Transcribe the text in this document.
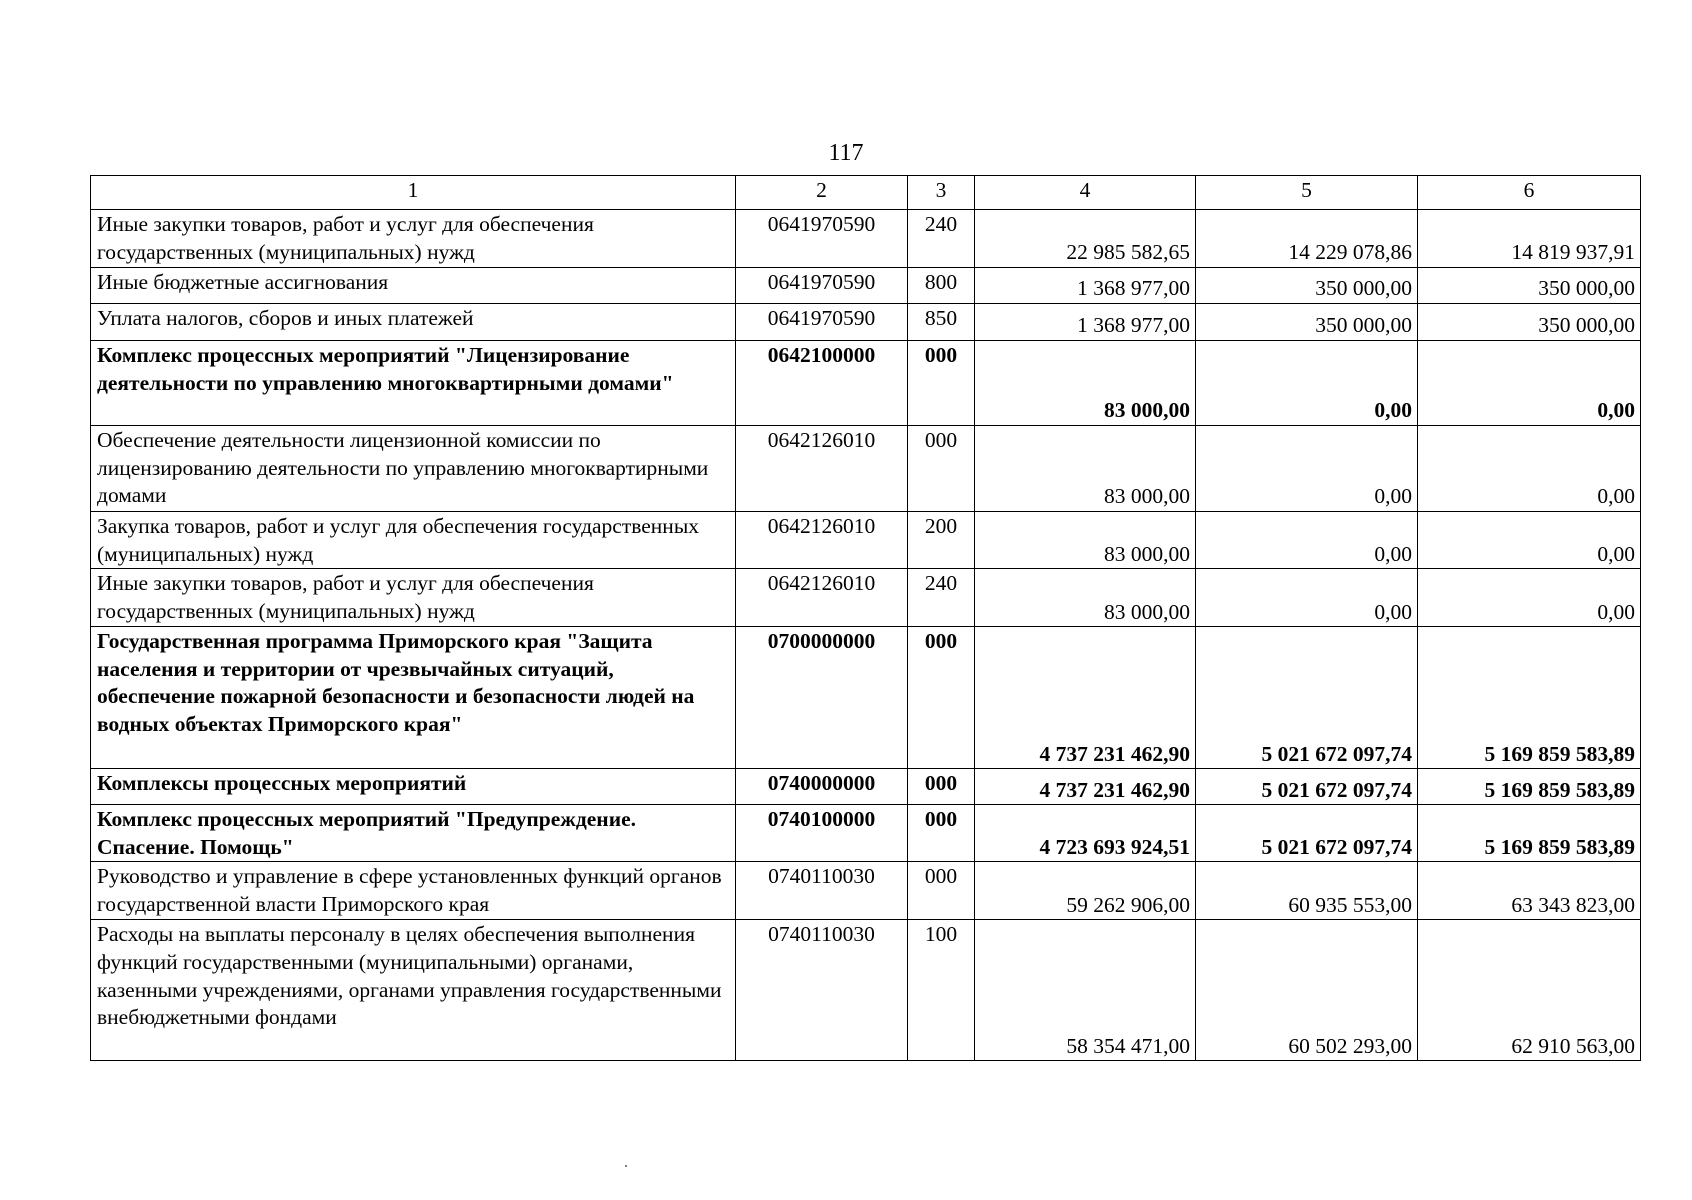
117
1	2	3	4	5	6
Иные закупки товаров, работ и услуг для обеспечения государственных (муниципальных) нужд	0641970590	240	22 985 582,65	14 229 078,86	14 819 937,91
Иные бюджетные ассигнования	0641970590	800	1 368 977,00	350 000,00	350 000,00
Уплата налогов, сборов и иных платежей	0641970590	850	1 368 977,00	350 000,00	350 000,00
Комплекс процессных мероприятий "Лицензирование деятельности по управлению многоквартирными домами"	0642100000	000	83 000,00	0,00	0,00
Обеспечение деятельности лицензионной комиссии по лицензированию деятельности по управлению многоквартирными домами	0642126010	000	83 000,00	0,00	0,00
Закупка товаров, работ и услуг для обеспечения государственных (муниципальных) нужд	0642126010	200	83 000,00	0,00	0,00
Иные закупки товаров, работ и услуг для обеспечения государственных (муниципальных) нужд	0642126010	240	83 000,00	0,00	0,00
Государственная программа Приморского края "Защита населения и территории от чрезвычайных ситуаций, обеспечение пожарной безопасности и безопасности людей на водных объектах Приморского края"	0700000000	000	4 737 231 462,90	5 021 672 097,74	5 169 859 583,89
Комплексы процессных мероприятий	0740000000	000	4 737 231 462,90	5 021 672 097,74	5 169 859 583,89
Комплекс процессных мероприятий "Предупреждение. Спасение. Помощь"	0740100000	000	4 723 693 924,51	5 021 672 097,74	5 169 859 583,89
Руководство и управление в сфере установленных функций органов государственной власти Приморского края	0740110030	000	59 262 906,00	60 935 553,00	63 343 823,00
Расходы на выплаты персоналу в целях обеспечения выполнения функций государственными (муниципальными) органами, казенными учреждениями, органами управления государственными внебюджетными фондами	0740110030	100	58 354 471,00	60 502 293,00	62 910 563,00
